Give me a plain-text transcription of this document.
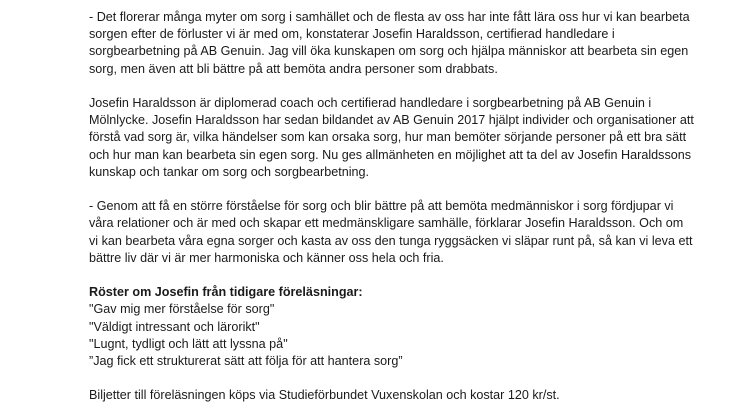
- Det florerar många myter om sorg i samhället och de flesta av oss har inte fått lära oss hur vi kan bearbeta sorgen efter de förluster vi är med om, konstaterar Josefin Haraldsson, certifierad handledare i sorgbearbetning på AB Genuin. Jag vill öka kunskapen om sorg och hjälpa människor att bearbeta sin egen sorg, men även att bli bättre på att bemöta andra personer som drabbats.

Josefin Haraldsson är diplomerad coach och certifierad handledare i sorgbearbetning på AB Genuin i Mölnlycke. Josefin Haraldsson har sedan bildandet av AB Genuin 2017 hjälpt individer och organisationer att förstå vad sorg är, vilka händelser som kan orsaka sorg, hur man bemöter sörjande personer på ett bra sätt och hur man kan bearbeta sin egen sorg. Nu ges allmänheten en möjlighet att ta del av Josefin Haraldssons kunskap och tankar om sorg och sorgbearbetning.

- Genom att få en större förståelse för sorg och blir bättre på att bemöta medmänniskor i sorg fördjupar vi våra relationer och är med och skapar ett medmänskligare samhälle, förklarar Josefin Haraldsson. Och om vi kan bearbeta våra egna sorger och kasta av oss den tunga ryggsäcken vi släpar runt på, så kan vi leva ett bättre liv där vi är mer harmoniska och känner oss hela och fria.

Röster om Josefin från tidigare föreläsningar:

"Gav mig mer förståelse för sorg"

"Väldigt intressant och lärorikt"

"Lugnt, tydligt och lätt att lyssna på"

”Jag fick ett strukturerat sätt att följa för att hantera sorg”

Biljetter till föreläsningen köps via Studieförbundet Vuxenskolan och kostar 120 kr/st.
